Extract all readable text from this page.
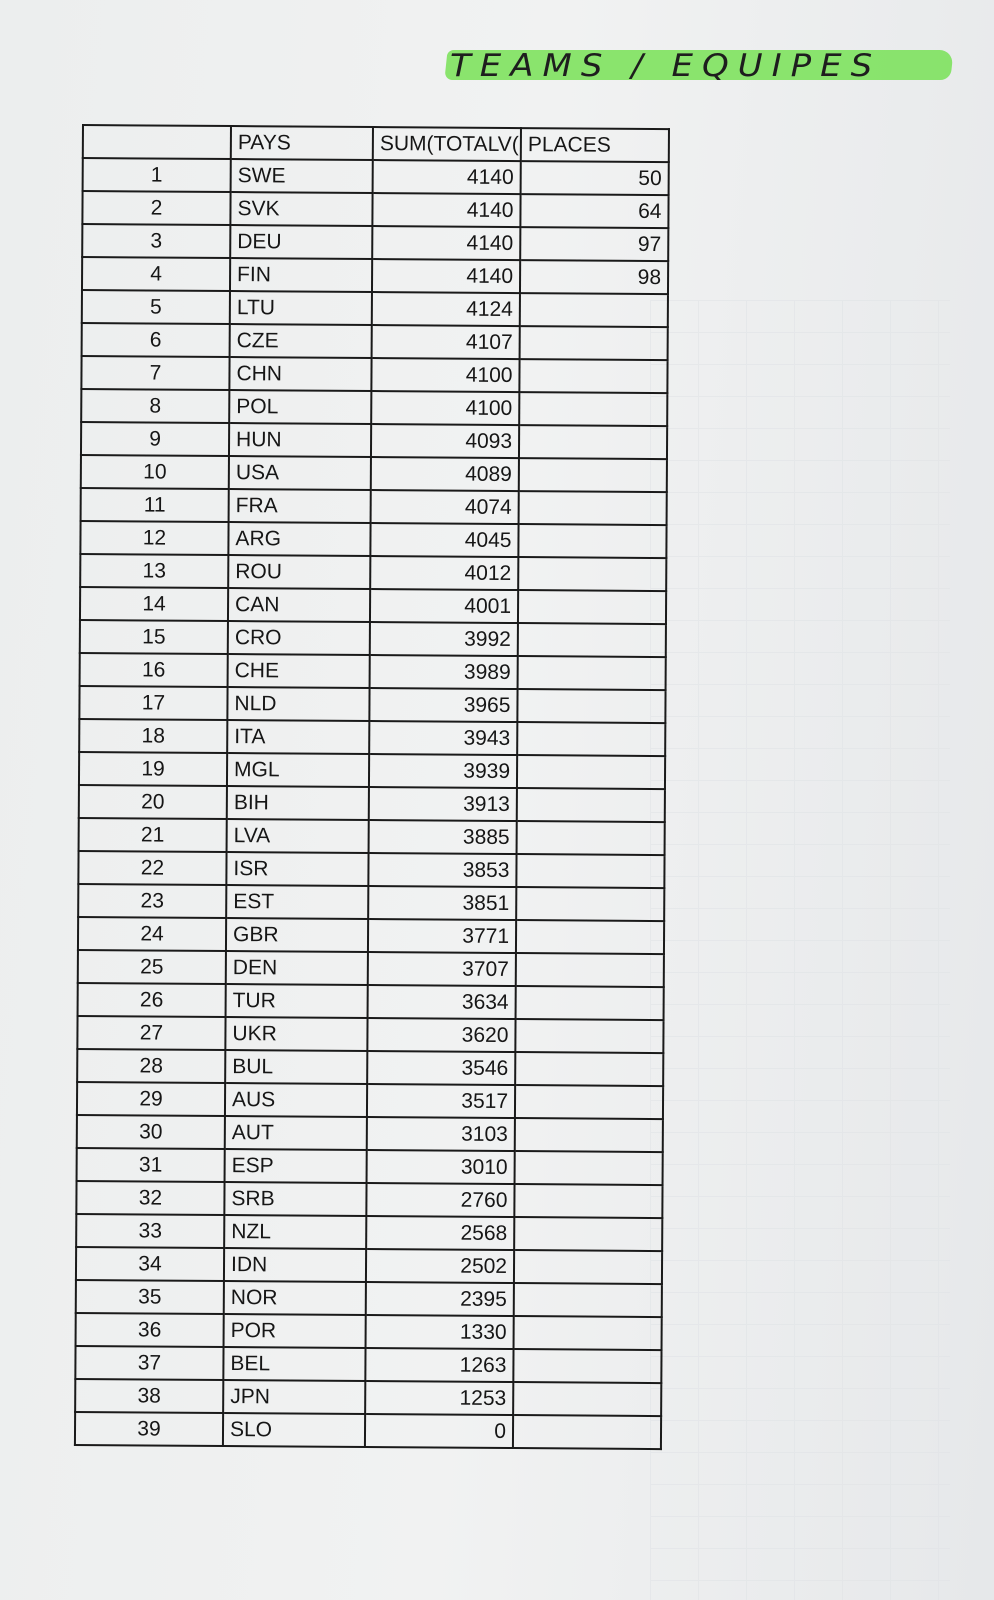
TEAMS / EQUIPES
	PAYS	SUM(TOTALV(	PLACES
1	SWE	4140	50
2	SVK	4140	64
3	DEU	4140	97
4	FIN	4140	98
5	LTU	4124	
6	CZE	4107	
7	CHN	4100	
8	POL	4100	
9	HUN	4093	
10	USA	4089	
11	FRA	4074	
12	ARG	4045	
13	ROU	4012	
14	CAN	4001	
15	CRO	3992	
16	CHE	3989	
17	NLD	3965	
18	ITA	3943	
19	MGL	3939	
20	BIH	3913	
21	LVA	3885	
22	ISR	3853	
23	EST	3851	
24	GBR	3771	
25	DEN	3707	
26	TUR	3634	
27	UKR	3620	
28	BUL	3546	
29	AUS	3517	
30	AUT	3103	
31	ESP	3010	
32	SRB	2760	
33	NZL	2568	
34	IDN	2502	
35	NOR	2395	
36	POR	1330	
37	BEL	1263	
38	JPN	1253	
39	SLO	0	
